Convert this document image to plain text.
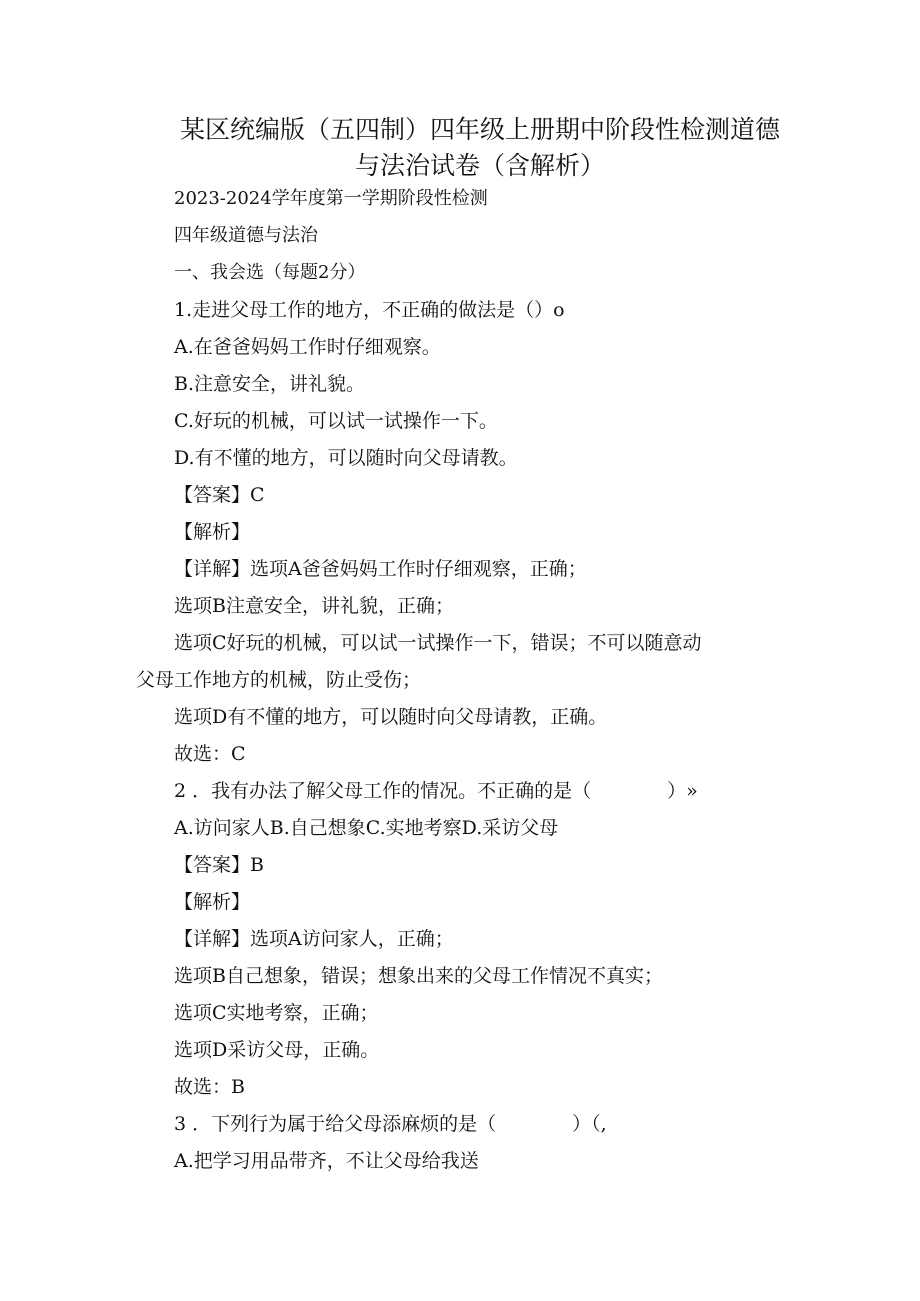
某区统编版（五四制）四年级上册期中阶段性检测道德
与法治试卷（含解析）

2023-2024学年度第一学期阶段性检测

四年级道德与法治

一、我会选（每题2分）

1.走进父母工作的地方，不正确的做法是（）o

A.在爸爸妈妈工作时仔细观察。

B.注意安全，讲礼貌。

C.好玩的机械，可以试一试操作一下。

D.有不懂的地方，可以随时向父母请教。

【答案】C

【解析】

【详解】选项A爸爸妈妈工作时仔细观察，正确；

选项B注意安全，讲礼貌，正确；

选项C好玩的机械，可以试一试操作一下，错误；不可以随意动

父母工作地方的机械，防止受伤；

选项D有不懂的地方，可以随时向父母请教，正确。

故选：C

2 ．我有办法了解父母工作的情况。不正确的是（　　　　）»

A.访问家人B.自己想象C.实地考察D.采访父母

【答案】B

【解析】

【详解】选项A访问家人，正确；

选项B自己想象，错误；想象出来的父母工作情况不真实；

选项C实地考察，正确；

选项D采访父母，正确。

故选：B

3 ．下列行为属于给父母添麻烦的是（　　　　）（,

A.把学习用品带齐，不让父母给我送
